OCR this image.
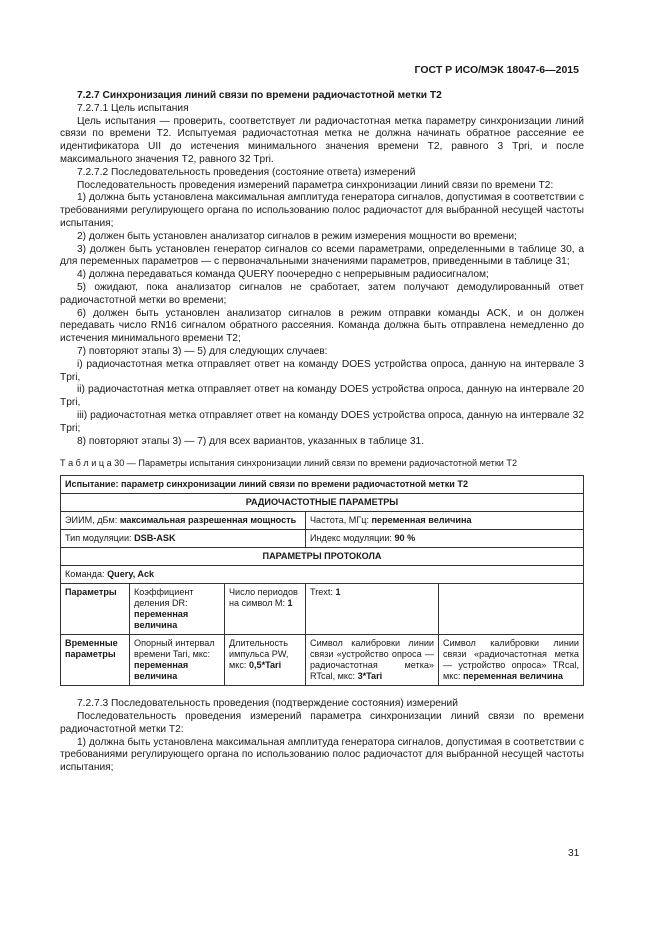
ГОСТ Р ИСО/МЭК 18047-6—2015

7.2.7 Синхронизация линий связи по времени радиочастотной метки T2

7.2.7.1 Цель испытания

Цель испытания — проверить, соответствует ли радиочастотная метка параметру синхронизации линий связи по времени T2. Испытуемая радиочастотная метка не должна начинать обратное рассеяние ее идентификатора UII до истечения минимального значения времени T2, равного 3 Tpri, и после максимального значения T2, равного 32 Tpri.

7.2.7.2 Последовательность проведения (состояние ответа) измерений

Последовательность проведения измерений параметра синхронизации линий связи по времени T2:

1) должна быть установлена максимальная амплитуда генератора сигналов, допустимая в соответствии с требованиями регулирующего органа по использованию полос радиочастот для выбранной несущей частоты испытания;

2) должен быть установлен анализатор сигналов в режим измерения мощности во времени;

3) должен быть установлен генератор сигналов со всеми параметрами, определенными в таблице 30, а для переменных параметров — с первоначальными значениями параметров, приведенными в таблице 31;

4) должна передаваться команда QUERY поочередно с непрерывным радиосигналом;

5) ожидают, пока анализатор сигналов не сработает, затем получают демодулированный ответ радиочастотной метки во времени;

6) должен быть установлен анализатор сигналов в режим отправки команды ACK, и он должен передавать число RN16 сигналом обратного рассеяния. Команда должна быть отправлена немедленно до истечения минимального времени T2;

7) повторяют этапы 3) — 5) для следующих случаев:

i) радиочастотная метка отправляет ответ на команду DOES устройства опроса, данную на интервале 3 Tpri,

ii) радиочастотная метка отправляет ответ на команду DOES устройства опроса, данную на интервале 20 Tpri,

iii) радиочастотная метка отправляет ответ на команду DOES устройства опроса, данную на интервале 32 Tpri;

8) повторяют этапы 3) — 7) для всех вариантов, указанных в таблице 31.

Т а б л и ц а 30 — Параметры испытания синхронизации линий связи по времени радиочастотной метки T2
Испытание: параметр синхронизации линий связи по времени радиочастотной метки T2				
РАДИОЧАСТОТНЫЕ ПАРАМЕТРЫ				
ЭИИМ, дБм: максимальная разрешенная мощность			Частота, МГц: переменная величина	
Тип модуляции: DSB-ASK			Индекс модуляции: 90 %	
ПАРАМЕТРЫ ПРОТОКОЛА				
Команда: Query, Ack				
Параметры	Коэффициент деления DR: переменная величина	Число периодов на символ M: 1	Trext: 1	
Временные параметры	Опорный интервал времени Tari, мкс: переменная величина	Длительность импульса PW, мкс: 0,5*Tari	Символ калибровки линии связи «устройство опроса — радиочастотная метка» RTcal, мкс: 3*Tari	Символ калибровки линии связи «радиочастотная метка — устройство опроса» TRcal, мкс: переменная величина

7.2.7.3 Последовательность проведения (подтверждение состояния) измерений

Последовательность проведения измерений параметра синхронизации линий связи по времени радиочастотной метки T2:

1) должна быть установлена максимальная амплитуда генератора сигналов, допустимая в соответствии с требованиями регулирующего органа по использованию полос радиочастот для выбранной несущей частоты испытания;

31
